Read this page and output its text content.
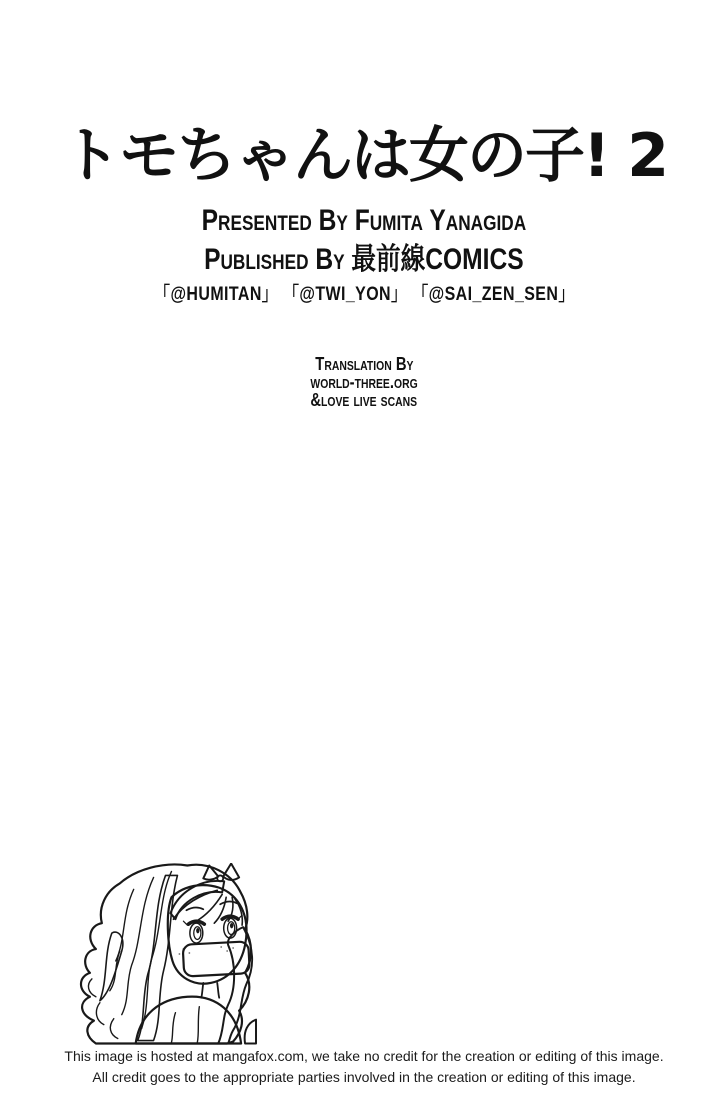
トモちゃんは女の子! 2
Presented By Fumita Yanagida
Published By 最前線COMICS
「@HUMITAN」 「@TWI_YON」 「@SAI_ZEN_SEN」
Translation By
world-three.org
&love live scans
This image is hosted at mangafox.com, we take no credit for the creation or editing of this image.
All credit goes to the appropriate parties involved in the creation or editing of this image.
